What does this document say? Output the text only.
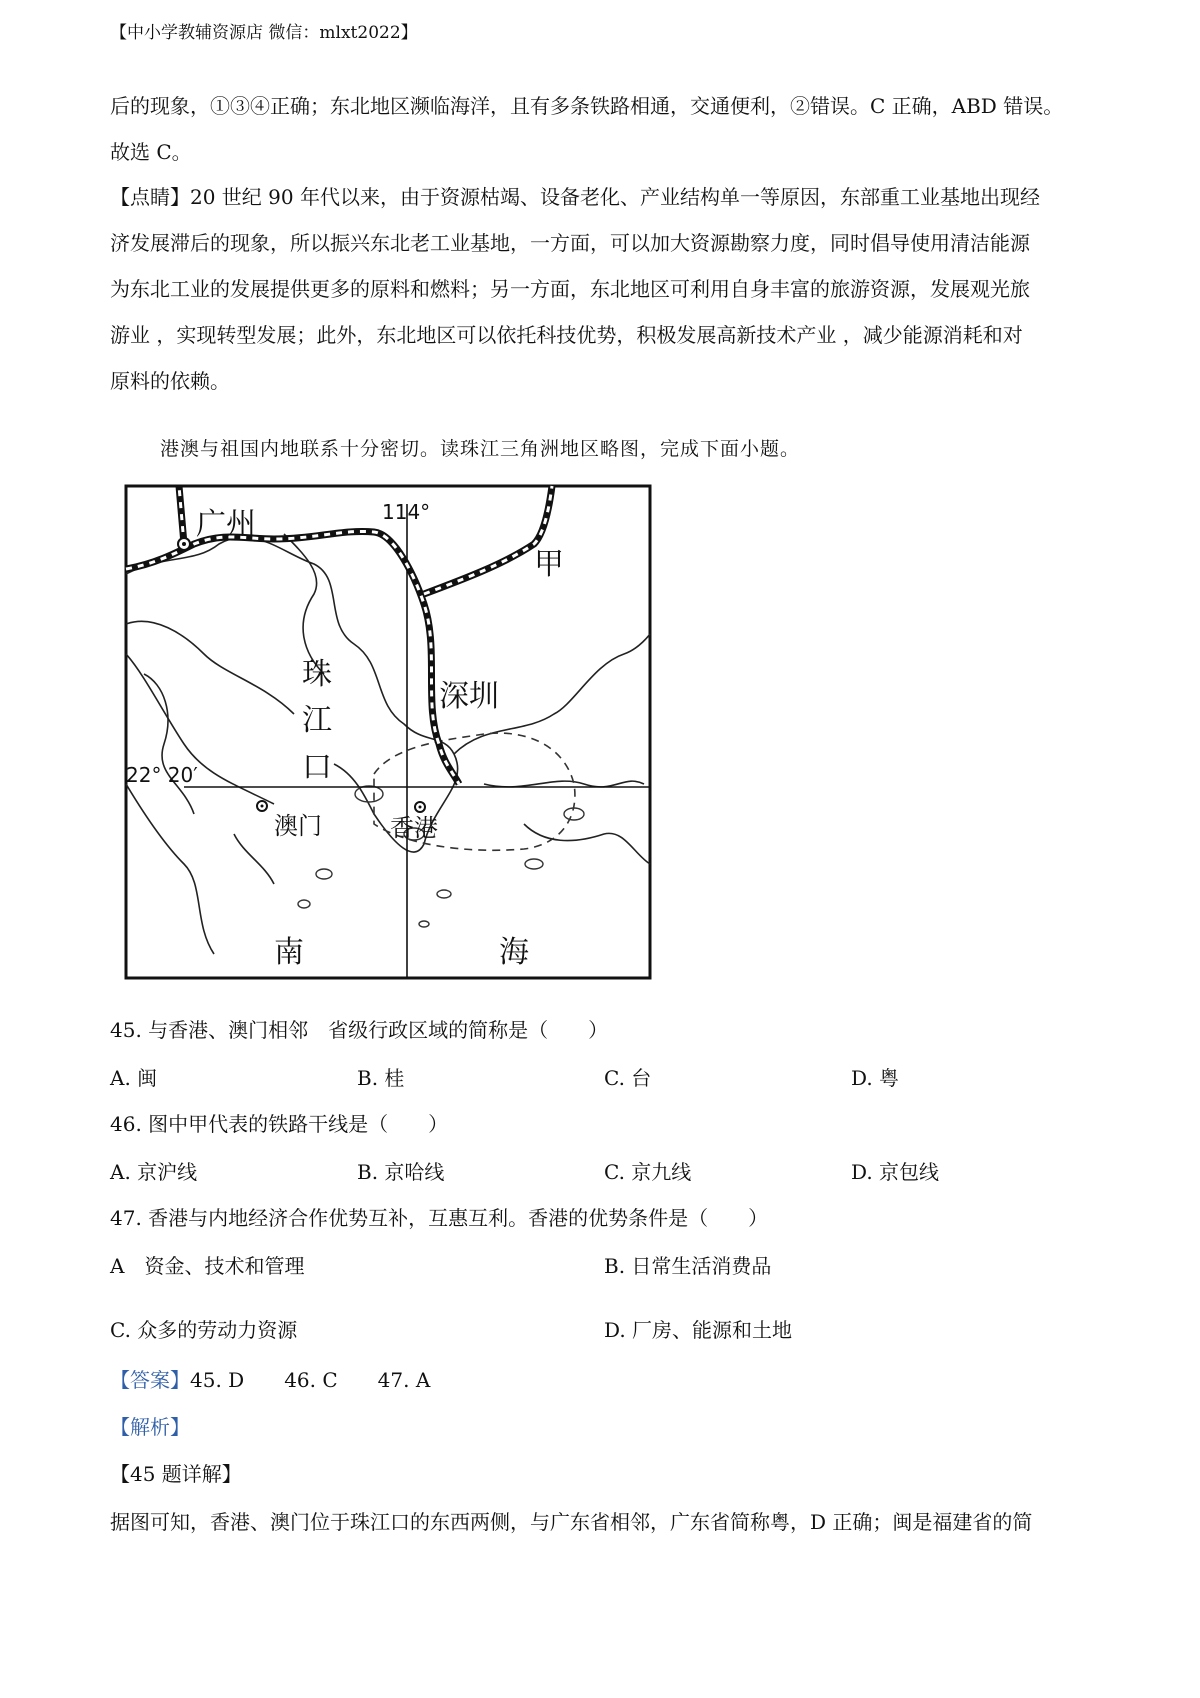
【中小学教辅资源店 微信：mlxt2022】
后的现象，①③④正确；东北地区濒临海洋，且有多条铁路相通，交通便利，②错误。C 正确，ABD 错误。
故选 C。
【点睛】20 世纪 90 年代以来，由于资源枯竭、设备老化、产业结构单一等原因，东部重工业基地出现经
济发展滞后的现象，所以振兴东北老工业基地，一方面，可以加大资源勘察力度，同时倡导使用清洁能源
为东北工业的发展提供更多的原料和燃料；另一方面，东北地区可利用自身丰富的旅游资源，发展观光旅
游业 ，实现转型发展；此外，东北地区可以依托科技优势，积极发展高新技术产业 ，减少能源消耗和对
原料的依赖。
港澳与祖国内地联系十分密切。读珠江三角洲地区略图，完成下面小题。
114°
22° 20′
广州
甲
珠
江
口
深圳
澳门	香港
南	海
45. 与香港、澳门相邻　省级行政区域的简称是（　　）
A. 闽	B. 桂	C. 台	D. 粤
46. 图中甲代表的铁路干线是（　　）
A. 京沪线	B. 京哈线	C. 京九线	D. 京包线
47. 香港与内地经济合作优势互补，互惠互利。香港的优势条件是（　　）
A　资金、技术和管理	B. 日常生活消费品
C. 众多的劳动力资源	D. 厂房、能源和土地
【答案】45. D 46. C 47. A
【解析】
【45 题详解】
据图可知，香港、澳门位于珠江口的东西两侧，与广东省相邻，广东省简称粤，D 正确；闽是福建省的简
